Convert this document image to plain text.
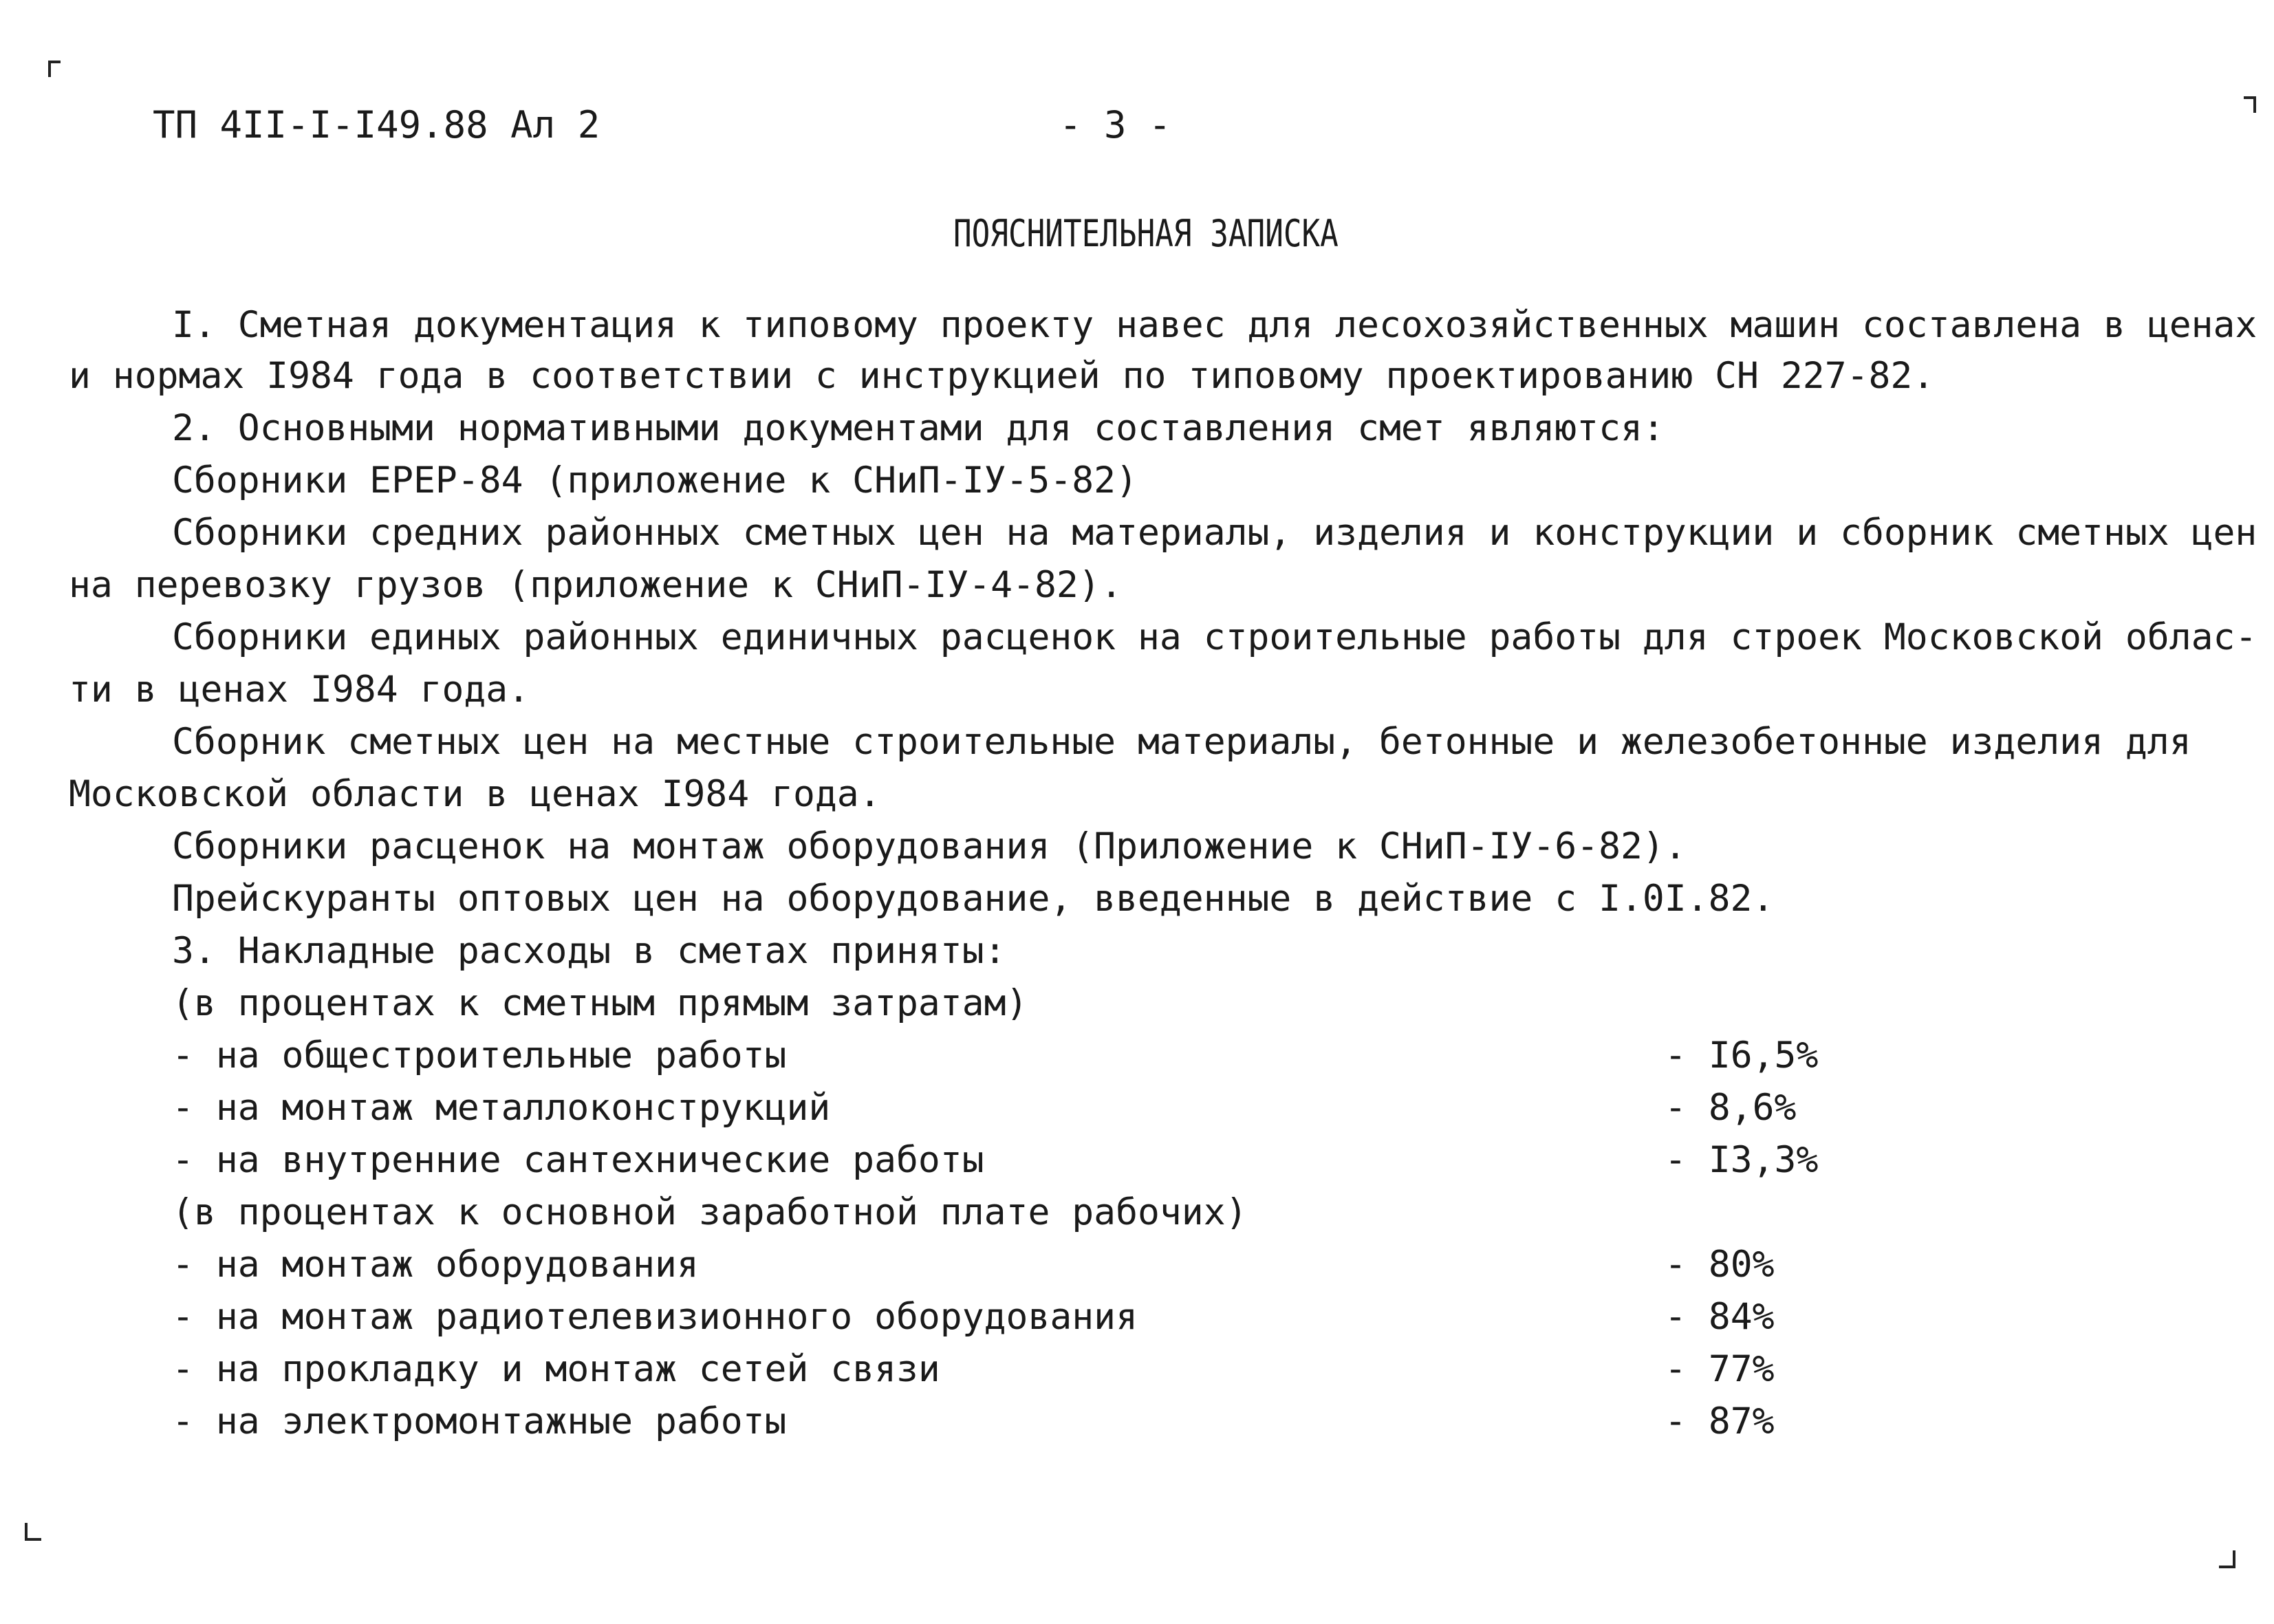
ТП 4II-I-I49.88 Ал 2	- 3 -
ПОЯСНИТЕЛЬНАЯ ЗАПИСКА
I. Сметная документация к типовому проекту навес для лесохозяйственных машин составлена в ценах
и нормах I984 года в соответствии с инструкцией по типовому проектированию СН 227-82.
2. Основными нормативными документами для составления смет являются:
Сборники ЕРЕР-84 (приложение к СНиП-IУ-5-82)
Сборники средних районных сметных цен на материалы, изделия и конструкции и сборник сметных цен
на перевозку грузов (приложение к СНиП-IУ-4-82).
Сборники единых районных единичных расценок на строительные работы для строек Московской облас-
ти в ценах I984 года.
Сборник сметных цен на местные строительные материалы, бетонные и железобетонные изделия для
Московской области в ценах I984 года.
Сборники расценок на монтаж оборудования (Приложение к СНиП-IУ-6-82).
Прейскуранты оптовых цен на оборудование, введенные в действие с I.0I.82.
3. Накладные расходы в сметах приняты:
(в процентах к сметным прямым затратам)
- на общестроительные работы	- I6,5%
- на монтаж металлоконструкций	- 8,6%
- на внутренние сантехнические работы	- I3,3%
(в процентах к основной заработной плате рабочих)
- на монтаж оборудования	- 80%
- на монтаж радиотелевизионного оборудования	- 84%
- на прокладку и монтаж сетей связи	- 77%
- на электромонтажные работы	- 87%
